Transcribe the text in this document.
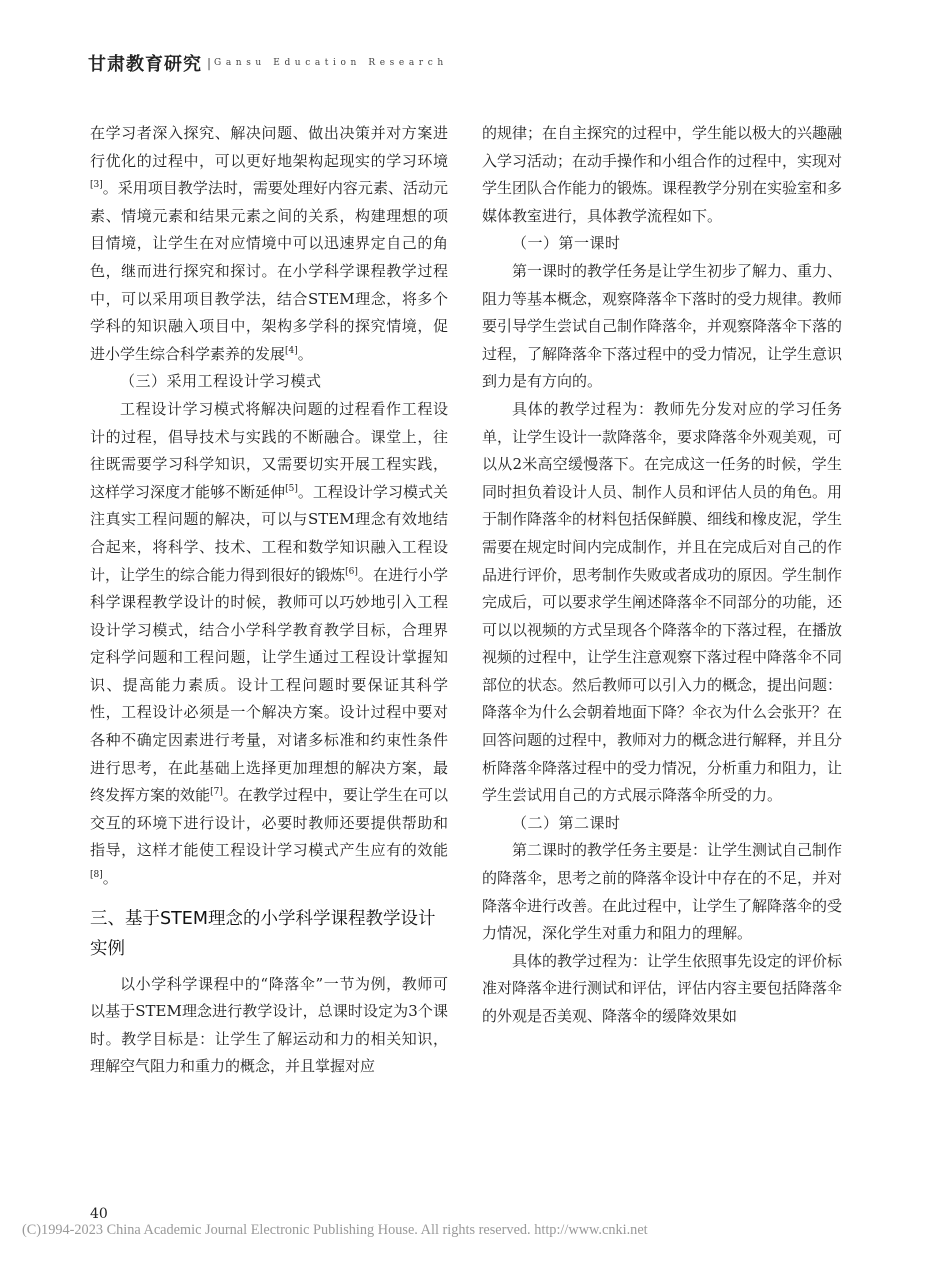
甘肃教育研究 | Gansu Education Research

在学习者深入探究、解决问题、做出决策并对方案进行优化的过程中，可以更好地架构起现实的学习环境[3]。采用项目教学法时，需要处理好内容元素、活动元素、情境元素和结果元素之间的关系，构建理想的项目情境，让学生在对应情境中可以迅速界定自己的角色，继而进行探究和探讨。在小学科学课程教学过程中，可以采用项目教学法，结合STEM理念，将多个学科的知识融入项目中，架构多学科的探究情境，促进小学生综合科学素养的发展[4]。

（三）采用工程设计学习模式

工程设计学习模式将解决问题的过程看作工程设计的过程，倡导技术与实践的不断融合。课堂上，往往既需要学习科学知识，又需要切实开展工程实践，这样学习深度才能够不断延伸[5]。工程设计学习模式关注真实工程问题的解决，可以与STEM理念有效地结合起来，将科学、技术、工程和数学知识融入工程设计，让学生的综合能力得到很好的锻炼[6]。在进行小学科学课程教学设计的时候，教师可以巧妙地引入工程设计学习模式，结合小学科学教育教学目标，合理界定科学问题和工程问题，让学生通过工程设计掌握知识、提高能力素质。设计工程问题时要保证其科学性，工程设计必须是一个解决方案。设计过程中要对各种不确定因素进行考量，对诸多标准和约束性条件进行思考，在此基础上选择更加理想的解决方案，最终发挥方案的效能[7]。在教学过程中，要让学生在可以交互的环境下进行设计，必要时教师还要提供帮助和指导，这样才能使工程设计学习模式产生应有的效能[8]。

三、基于STEM理念的小学科学课程教学设计实例

以小学科学课程中的“降落伞”一节为例，教师可以基于STEM理念进行教学设计，总课时设定为3个课时。教学目标是：让学生了解运动和力的相关知识，理解空气阻力和重力的概念，并且掌握对应

的规律；在自主探究的过程中，学生能以极大的兴趣融入学习活动；在动手操作和小组合作的过程中，实现对学生团队合作能力的锻炼。课程教学分别在实验室和多媒体教室进行，具体教学流程如下。

（一）第一课时

第一课时的教学任务是让学生初步了解力、重力、阻力等基本概念，观察降落伞下落时的受力规律。教师要引导学生尝试自己制作降落伞，并观察降落伞下落的过程，了解降落伞下落过程中的受力情况，让学生意识到力是有方向的。

具体的教学过程为：教师先分发对应的学习任务单，让学生设计一款降落伞，要求降落伞外观美观，可以从2米高空缓慢落下。在完成这一任务的时候，学生同时担负着设计人员、制作人员和评估人员的角色。用于制作降落伞的材料包括保鲜膜、细线和橡皮泥，学生需要在规定时间内完成制作，并且在完成后对自己的作品进行评价，思考制作失败或者成功的原因。学生制作完成后，可以要求学生阐述降落伞不同部分的功能，还可以以视频的方式呈现各个降落伞的下落过程，在播放视频的过程中，让学生注意观察下落过程中降落伞不同部位的状态。然后教师可以引入力的概念，提出问题：降落伞为什么会朝着地面下降？伞衣为什么会张开？在回答问题的过程中，教师对力的概念进行解释，并且分析降落伞降落过程中的受力情况，分析重力和阻力，让学生尝试用自己的方式展示降落伞所受的力。

（二）第二课时

第二课时的教学任务主要是：让学生测试自己制作的降落伞，思考之前的降落伞设计中存在的不足，并对降落伞进行改善。在此过程中，让学生了解降落伞的受力情况，深化学生对重力和阻力的理解。

具体的教学过程为：让学生依照事先设定的评价标准对降落伞进行测试和评估，评估内容主要包括降落伞的外观是否美观、降落伞的缓降效果如

40
(C)1994-2023 China Academic Journal Electronic Publishing House. All rights reserved. http://www.cnki.net
